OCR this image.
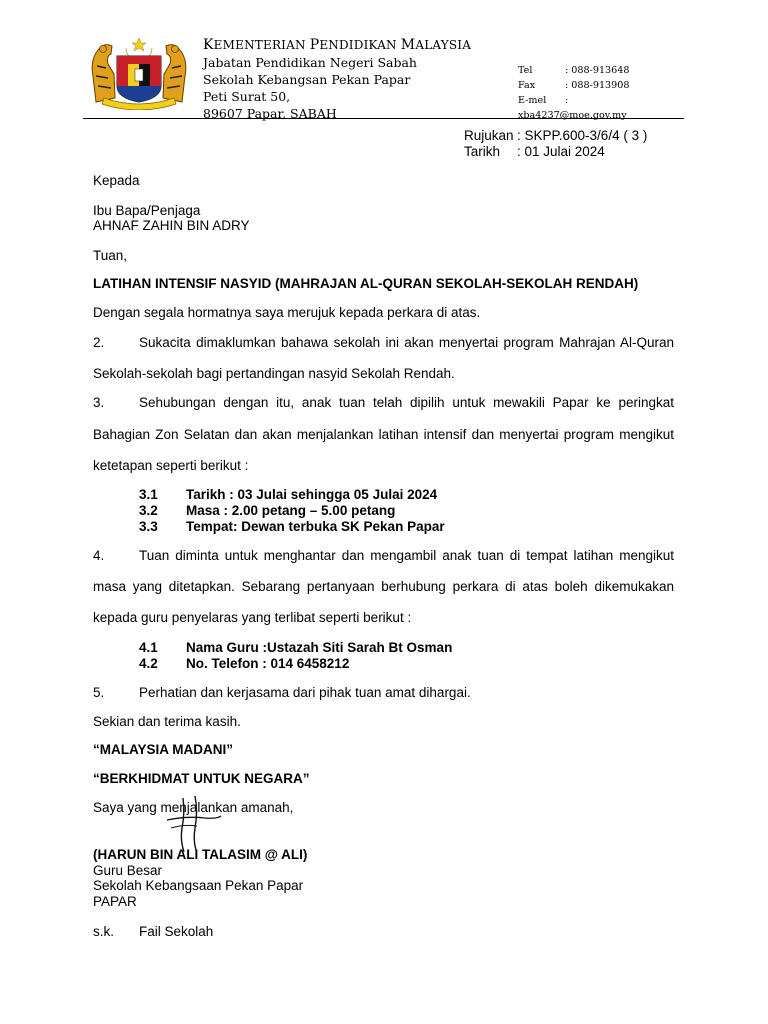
KEMENTERIAN PENDIDIKAN MALAYSIA
Jabatan Pendidikan Negeri Sabah
Sekolah Kebangsan Pekan Papar
Peti Surat 50,
89607 Papar, SABAH
Tel	: 088-913648
Fax	: 088-913908
E-mel :
xba4237@moe.gov.my
Rujukan : SKPP.600-3/6/4 ( 3 )
Tarikh : 01 Julai 2024

Kepada

Ibu Bapa/Penjaga

AHNAF ZAHIN BIN ADRY

Tuan,

LATIHAN INTENSIF NASYID (MAHRAJAN AL-QURAN SEKOLAH-SEKOLAH RENDAH)

Dengan segala hormatnya saya merujuk kepada perkara di atas.

2.	Sukacita dimaklumkan bahawa sekolah ini akan menyertai program Mahrajan Al-Quran
Sekolah-sekolah bagi pertandingan nasyid Sekolah Rendah.
3.	Sehubungan dengan itu, anak tuan telah dipilih untuk mewakili Papar ke peringkat
Bahagian Zon Selatan dan akan menjalankan latihan intensif dan menyertai program mengikut
ketetapan seperti berikut :
3.1 Tarikh : 03 Julai sehingga 05 Julai 2024
3.2 Masa : 2.00 petang – 5.00 petang
3.3 Tempat: Dewan terbuka SK Pekan Papar
4.	Tuan diminta untuk menghantar dan mengambil anak tuan di tempat latihan mengikut
masa yang ditetapkan. Sebarang pertanyaan berhubung perkara di atas boleh dikemukakan
kepada guru penyelaras yang terlibat seperti berikut :
4.1 Nama Guru :Ustazah Siti Sarah Bt Osman
4.2 No. Telefon : 014 6458212
5.	Perhatian dan kerjasama dari pihak tuan amat dihargai.

Sekian dan terima kasih.

“MALAYSIA MADANI”

“BERKHIDMAT UNTUK NEGARA”

Saya yang menjalankan amanah,

(HARUN BIN ALI TALASIM @ ALI)

Guru Besar

Sekolah Kebangsaan Pekan Papar

PAPAR

s.k. Fail Sekolah
